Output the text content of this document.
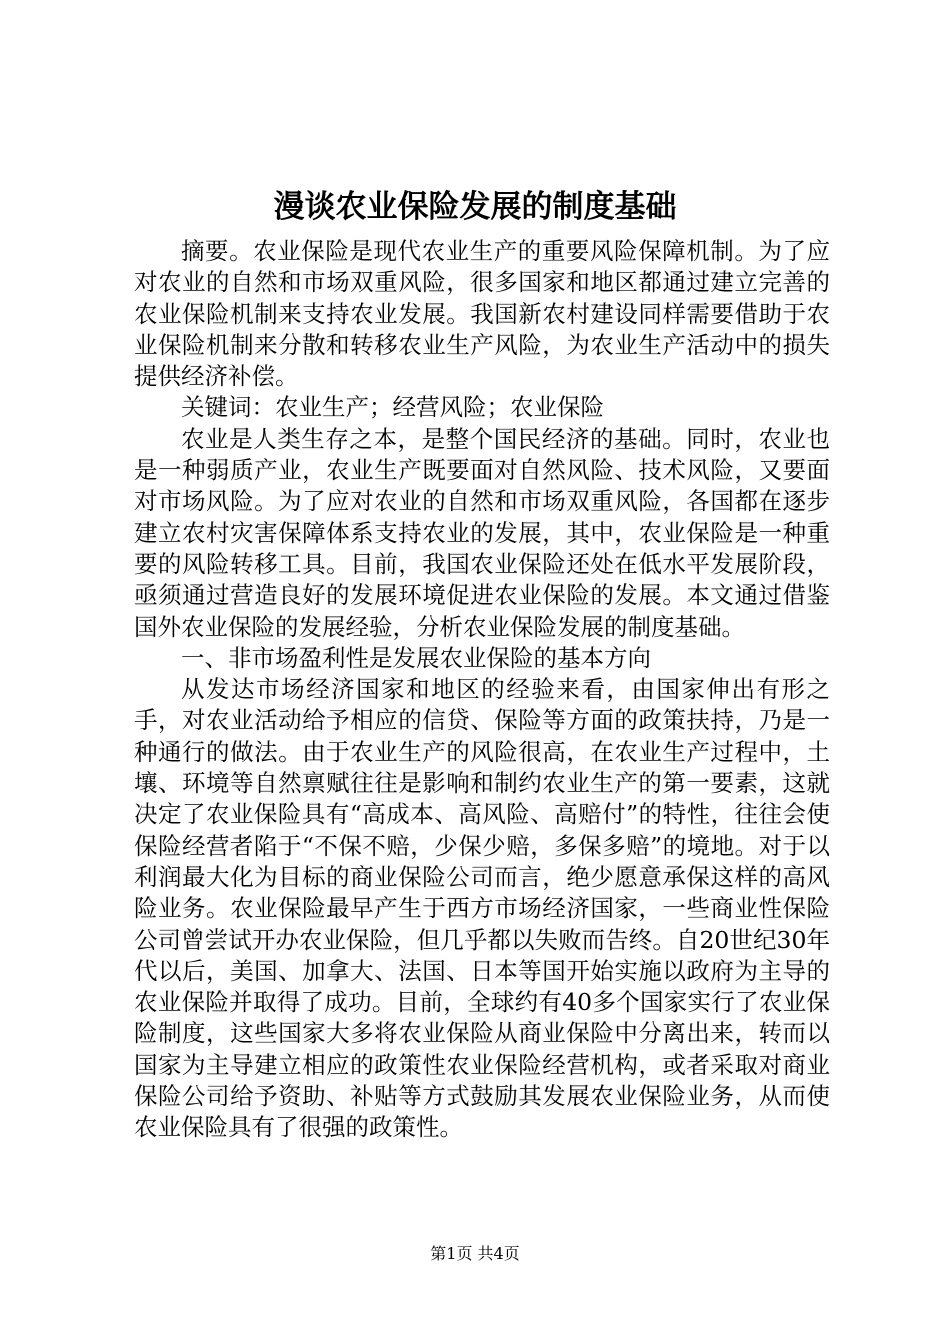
漫谈农业保险发展的制度基础

摘要。农业保险是现代农业生产的重要风险保障机制。为了应对农业的自然和市场双重风险，很多国家和地区都通过建立完善的农业保险机制来支持农业发展。我国新农村建设同样需要借助于农业保险机制来分散和转移农业生产风险，为农业生产活动中的损失提供经济补偿。

关键词：农业生产；经营风险；农业保险

农业是人类生存之本，是整个国民经济的基础。同时，农业也是一种弱质产业，农业生产既要面对自然风险、技术风险，又要面对市场风险。为了应对农业的自然和市场双重风险，各国都在逐步建立农村灾害保障体系支持农业的发展，其中，农业保险是一种重要的风险转移工具。目前，我国农业保险还处在低水平发展阶段，亟须通过营造良好的发展环境促进农业保险的发展。本文通过借鉴国外农业保险的发展经验，分析农业保险发展的制度基础。

一、非市场盈利性是发展农业保险的基本方向

从发达市场经济国家和地区的经验来看，由国家伸出有形之手，对农业活动给予相应的信贷、保险等方面的政策扶持，乃是一种通行的做法。由于农业生产的风险很高，在农业生产过程中，土壤、环境等自然禀赋往往是影响和制约农业生产的第一要素，这就决定了农业保险具有“高成本、高风险、高赔付”的特性，往往会使保险经营者陷于“不保不赔，少保少赔，多保多赔”的境地。对于以利润最大化为目标的商业保险公司而言，绝少愿意承保这样的高风险业务。农业保险最早产生于西方市场经济国家，一些商业性保险公司曾尝试开办农业保险，但几乎都以失败而告终。自20世纪30年代以后，美国、加拿大、法国、日本等国开始实施以政府为主导的农业保险并取得了成功。目前，全球约有40多个国家实行了农业保险制度，这些国家大多将农业保险从商业保险中分离出来，转而以国家为主导建立相应的政策性农业保险经营机构，或者采取对商业保险公司给予资助、补贴等方式鼓励其发展农业保险业务，从而使农业保险具有了很强的政策性。

第1页 共4页
